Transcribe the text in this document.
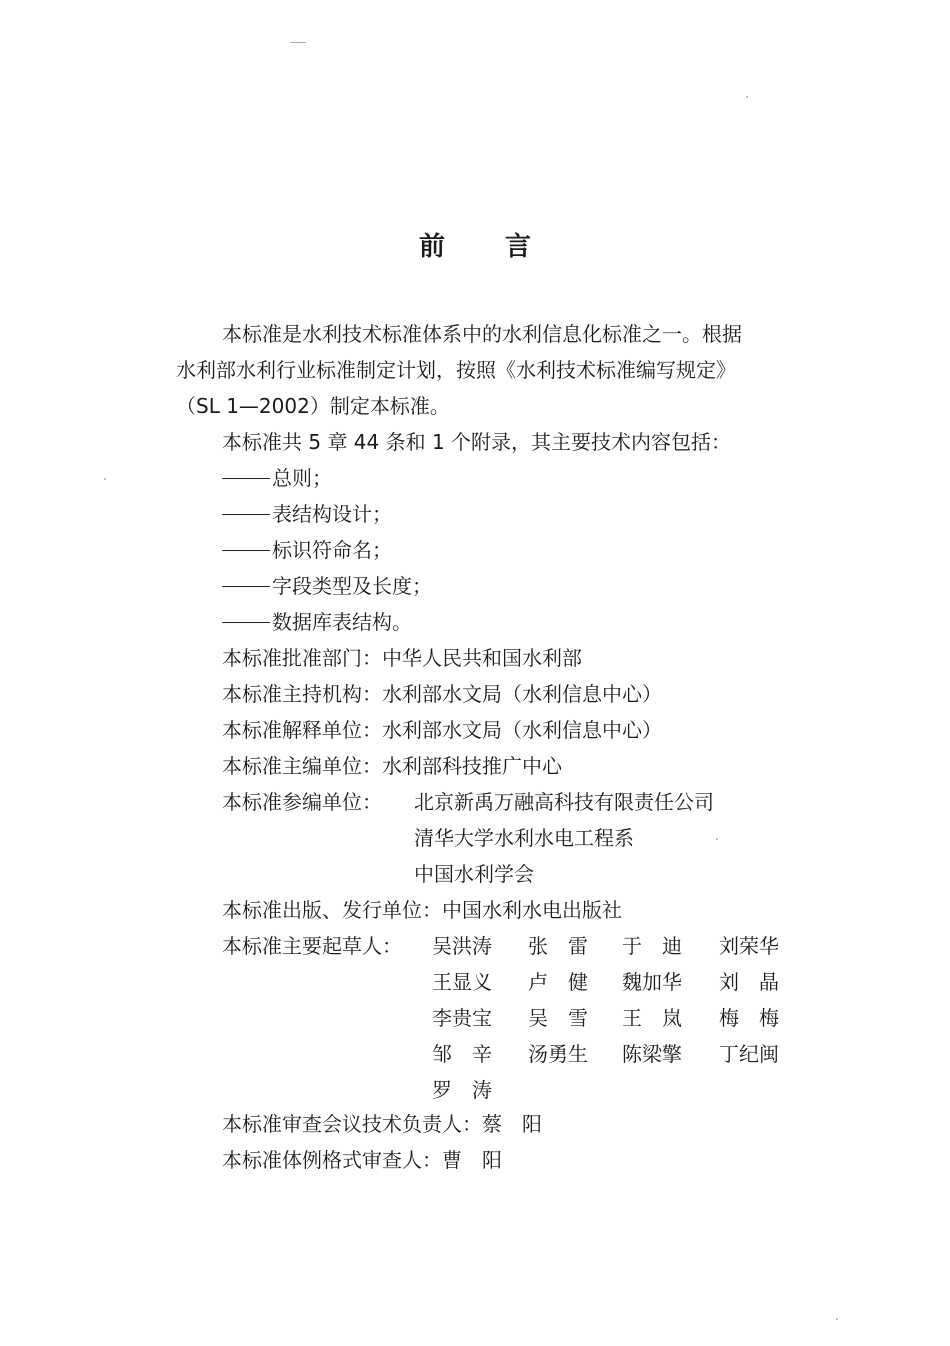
前 言
本标准是水利技术标准体系中的水利信息化标准之一。根据
水利部水利行业标准制定计划，按照《水利技术标准编写规定》
（SL 1—2002）制定本标准。
本标准共 5 章 44 条和 1 个附录，其主要技术内容包括：
总则；
表结构设计；
标识符命名；
字段类型及长度；
数据库表结构。
本标准批准部门：中华人民共和国水利部
本标准主持机构：水利部水文局（水利信息中心）
本标准解释单位：水利部水文局（水利信息中心）
本标准主编单位：水利部科技推广中心
本标准参编单位： 北京新禹万融高科技有限责任公司
清华大学水利水电工程系
中国水利学会
本标准出版、发行单位：中国水利水电出版社
本标准主要起草人： 吴洪涛 张　雷 于　迪 刘荣华
王显义 卢　健 魏加华 刘　晶
李贵宝 吴　雪 王　岚 梅　梅
邹　辛 汤勇生 陈梁擎 丁纪闽
罗　涛
本标准审查会议技术负责人：蔡　阳
本标准体例格式审查人：曹　阳
